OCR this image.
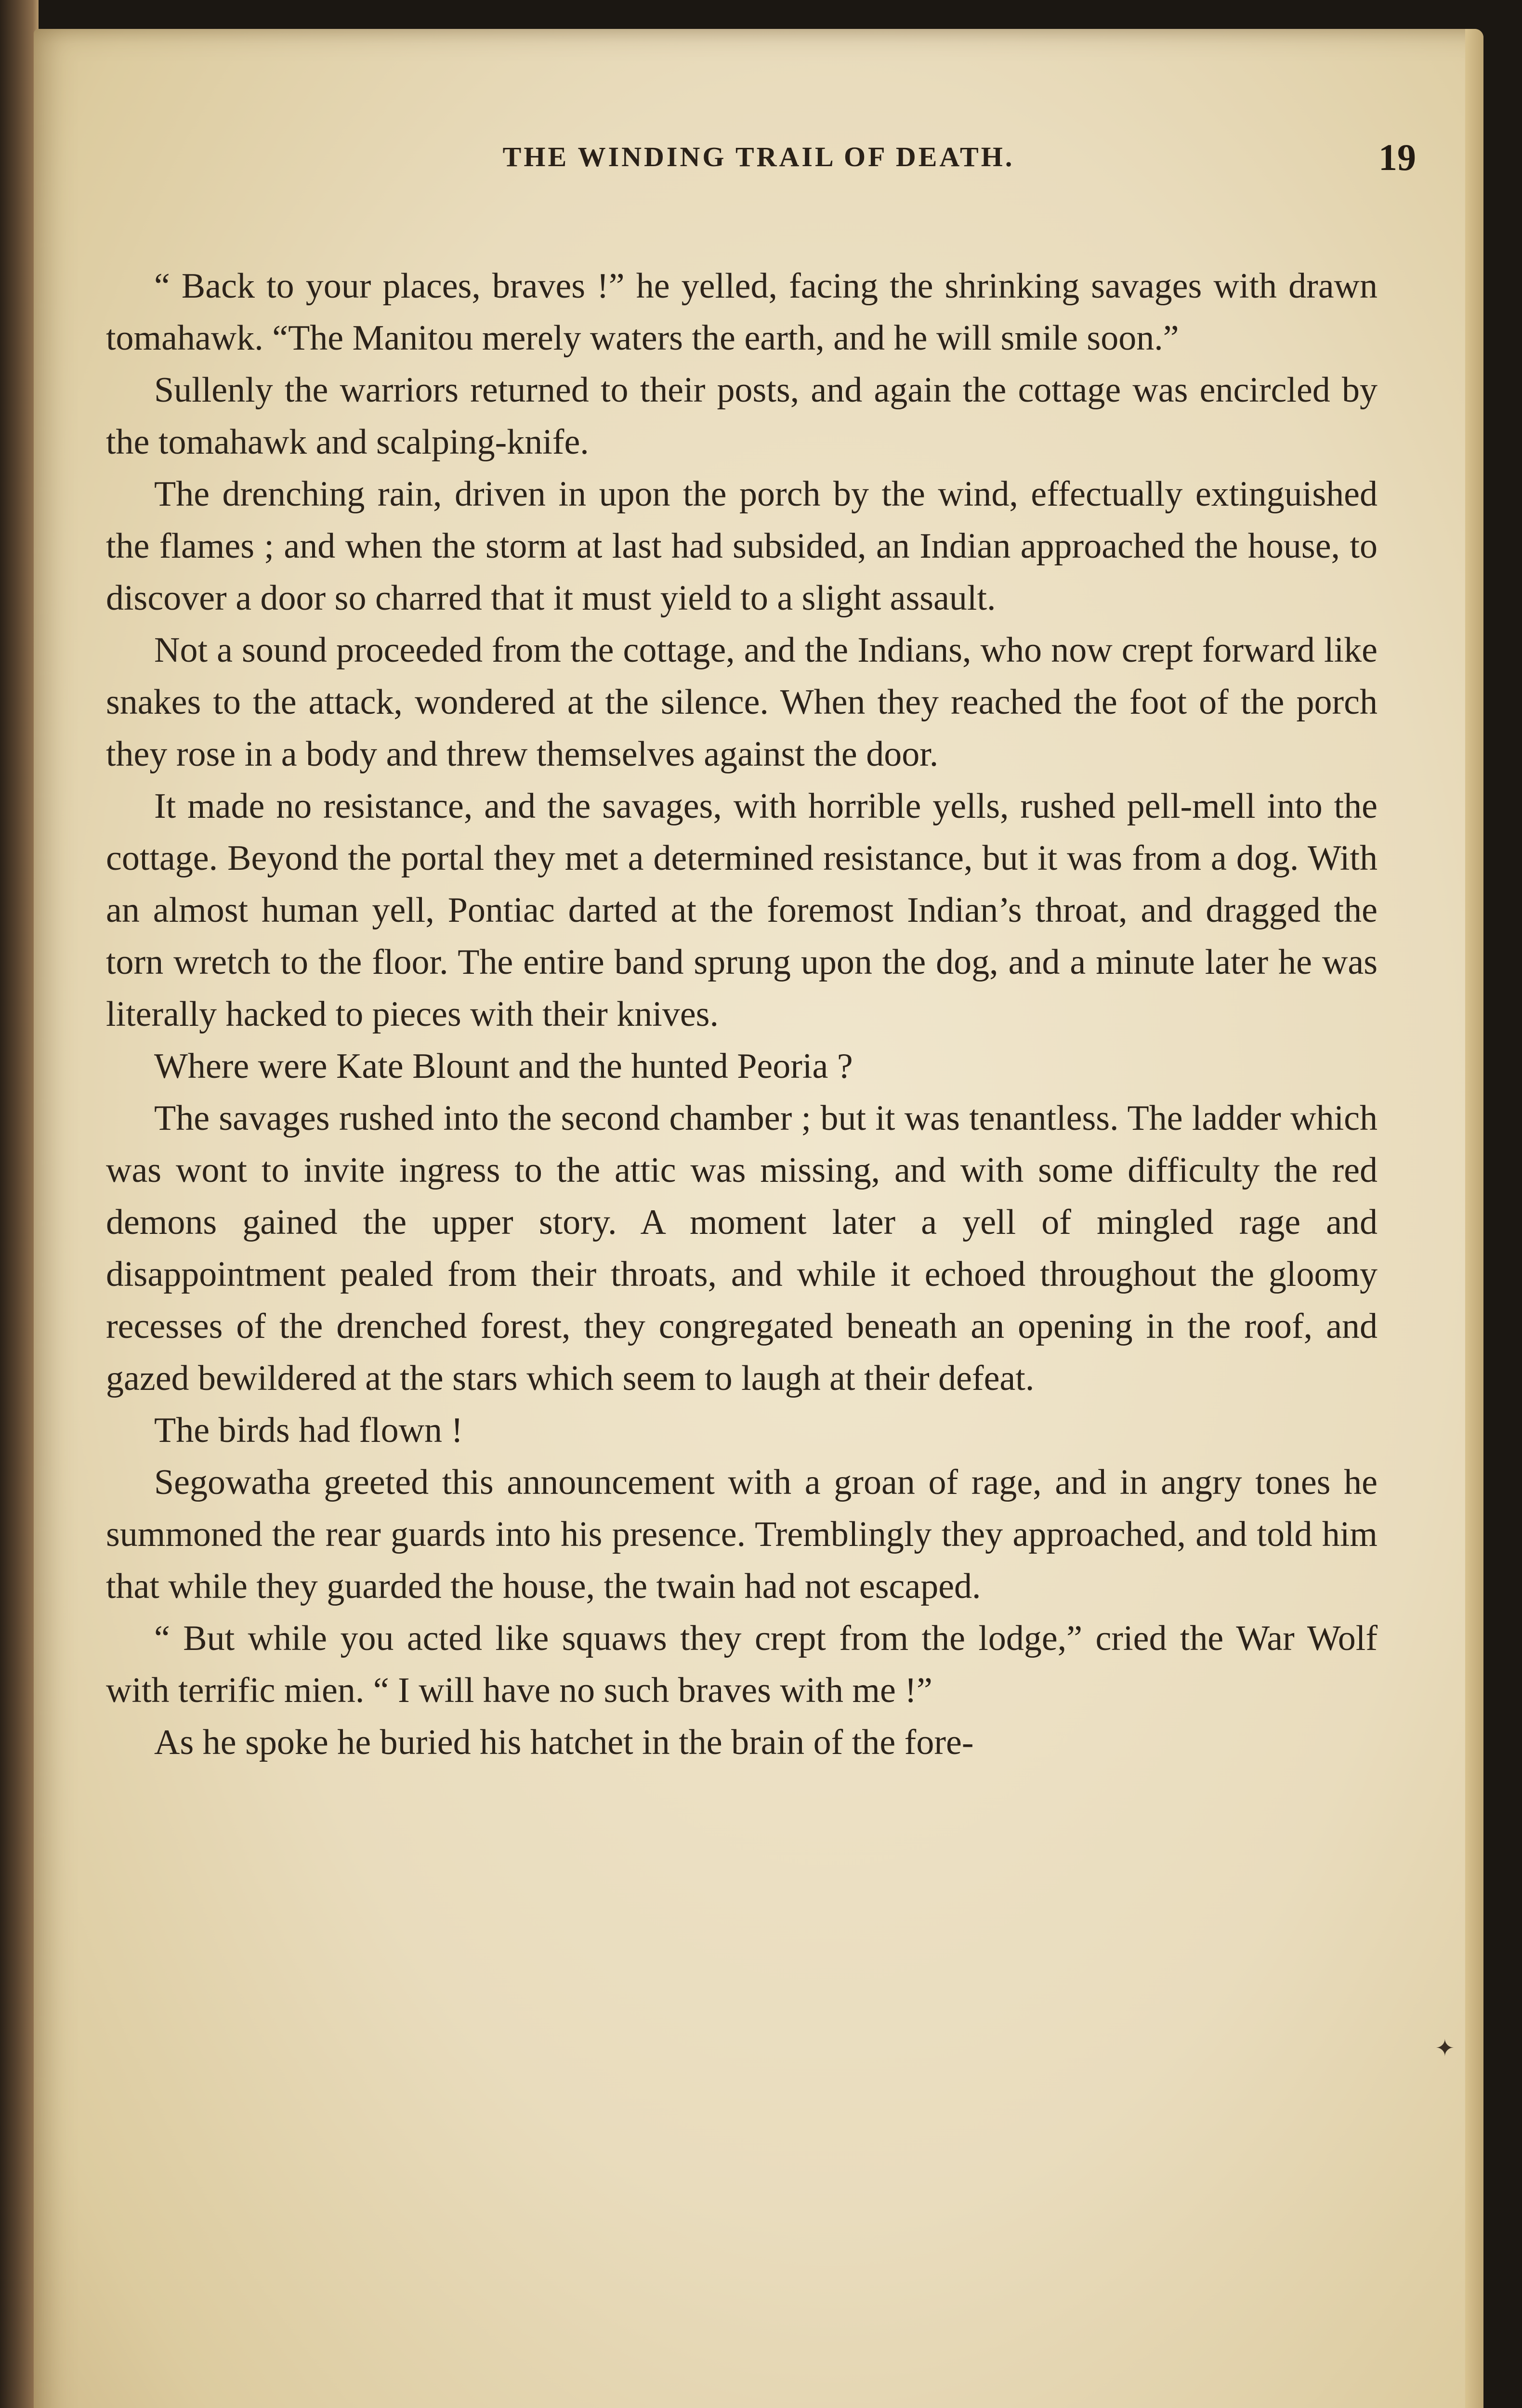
THE WINDING TRAIL OF DEATH.	19

“ Back to your places, braves !” he yelled, facing the shrinking savages with drawn tomahawk. “The Manitou merely waters the earth, and he will smile soon.”

Sullenly the warriors returned to their posts, and again the cottage was encircled by the tomahawk and scalping-knife.

The drenching rain, driven in upon the porch by the wind, effectually extinguished the flames ; and when the storm at last had subsided, an Indian approached the house, to discover a door so charred that it must yield to a slight assault.

Not a sound proceeded from the cottage, and the Indians, who now crept forward like snakes to the attack, wondered at the silence. When they reached the foot of the porch they rose in a body and threw themselves against the door.

It made no resistance, and the savages, with horrible yells, rushed pell-mell into the cottage. Beyond the portal they met a determined resistance, but it was from a dog. With an almost human yell, Pontiac darted at the foremost Indian’s throat, and dragged the torn wretch to the floor. The entire band sprung upon the dog, and a minute later he was literally hacked to pieces with their knives.

Where were Kate Blount and the hunted Peoria ?

The savages rushed into the second chamber ; but it was tenantless. The ladder which was wont to invite ingress to the attic was missing, and with some difficulty the red demons gained the upper story. A moment later a yell of mingled rage and disappointment pealed from their throats, and while it echoed throughout the gloomy recesses of the drenched forest, they congregated beneath an opening in the roof, and gazed bewildered at the stars which seem to laugh at their defeat.

The birds had flown !

Segowatha greeted this announcement with a groan of rage, and in angry tones he summoned the rear guards into his presence. Tremblingly they approached, and told him that while they guarded the house, the twain had not escaped.

“ But while you acted like squaws they crept from the lodge,” cried the War Wolf with terrific mien. “ I will have no such braves with me !”

As he spoke he buried his hatchet in the brain of the fore-

✦
